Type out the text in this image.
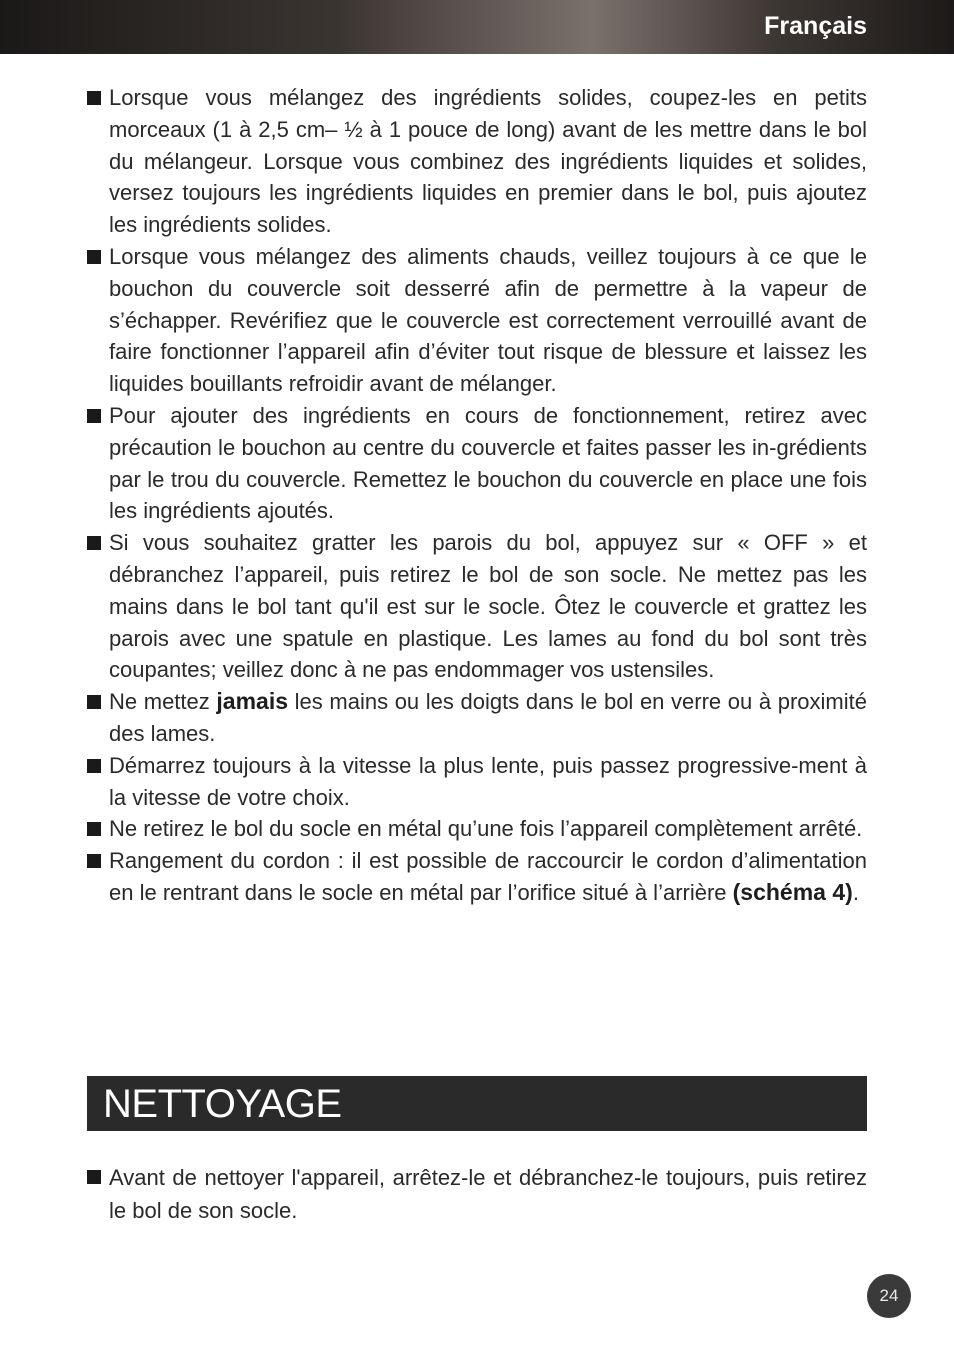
Français
Lorsque vous mélangez des ingrédients solides, coupez-les en petits morceaux (1 à 2,5 cm– ½ à 1 pouce de long) avant de les mettre dans le bol du mélangeur. Lorsque vous combinez des ingrédients liquides et solides, versez toujours les ingrédients liquides en premier dans le bol, puis ajoutez les ingrédients solides.
Lorsque vous mélangez des aliments chauds, veillez toujours à ce que le bouchon du couvercle soit desserré afin de permettre à la vapeur de s’échapper. Revérifiez que le couvercle est correctement verrouillé avant de faire fonctionner l’appareil afin d’éviter tout risque de blessure et laissez les liquides bouillants refroidir avant de mélanger.
Pour ajouter des ingrédients en cours de fonctionnement, retirez avec précaution le bouchon au centre du couvercle et faites passer les in-grédients par le trou du couvercle. Remettez le bouchon du couvercle en place une fois les ingrédients ajoutés.
Si vous souhaitez gratter les parois du bol, appuyez sur « OFF » et débranchez l’appareil, puis retirez le bol de son socle. Ne mettez pas les mains dans le bol tant qu'il est sur le socle. Ôtez le couvercle et grattez les parois avec une spatule en plastique. Les lames au fond du bol sont très coupantes; veillez donc à ne pas endommager vos ustensiles.
Ne mettez jamais les mains ou les doigts dans le bol en verre ou à proximité des lames.
Démarrez toujours à la vitesse la plus lente, puis passez progressive-ment à la vitesse de votre choix.
Ne retirez le bol du socle en métal qu’une fois l’appareil complètement arrêté.
Rangement du cordon : il est possible de raccourcir le cordon d’alimentation en le rentrant dans le socle en métal par l’orifice situé à l’arrière (schéma 4).
NETTOYAGE
Avant de nettoyer l'appareil, arrêtez-le et débranchez-le toujours, puis retirez le bol de son socle.
24
